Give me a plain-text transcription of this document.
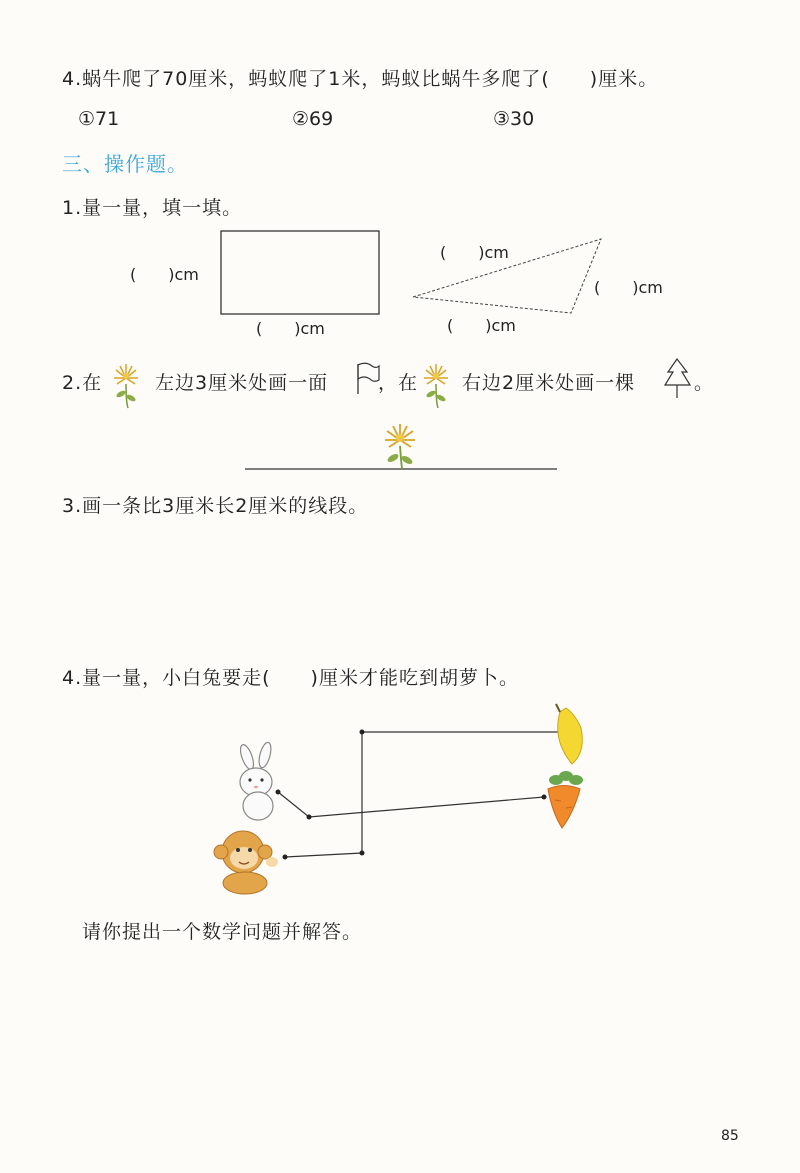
4.蜗牛爬了70厘米，蚂蚁爬了1米，蚂蚁比蜗牛多爬了(　　)厘米。
①71	②69	③30
三、操作题。
1.量一量，填一填。
(　　)cm
(　　)cm
(　　)cm
(　　)cm
(　　)cm
2.在	左边3厘米处画一面	，在 右边2厘米处画一棵	。
3.画一条比3厘米长2厘米的线段。
4.量一量，小白兔要走(　　)厘米才能吃到胡萝卜。
请你提出一个数学问题并解答。
85
